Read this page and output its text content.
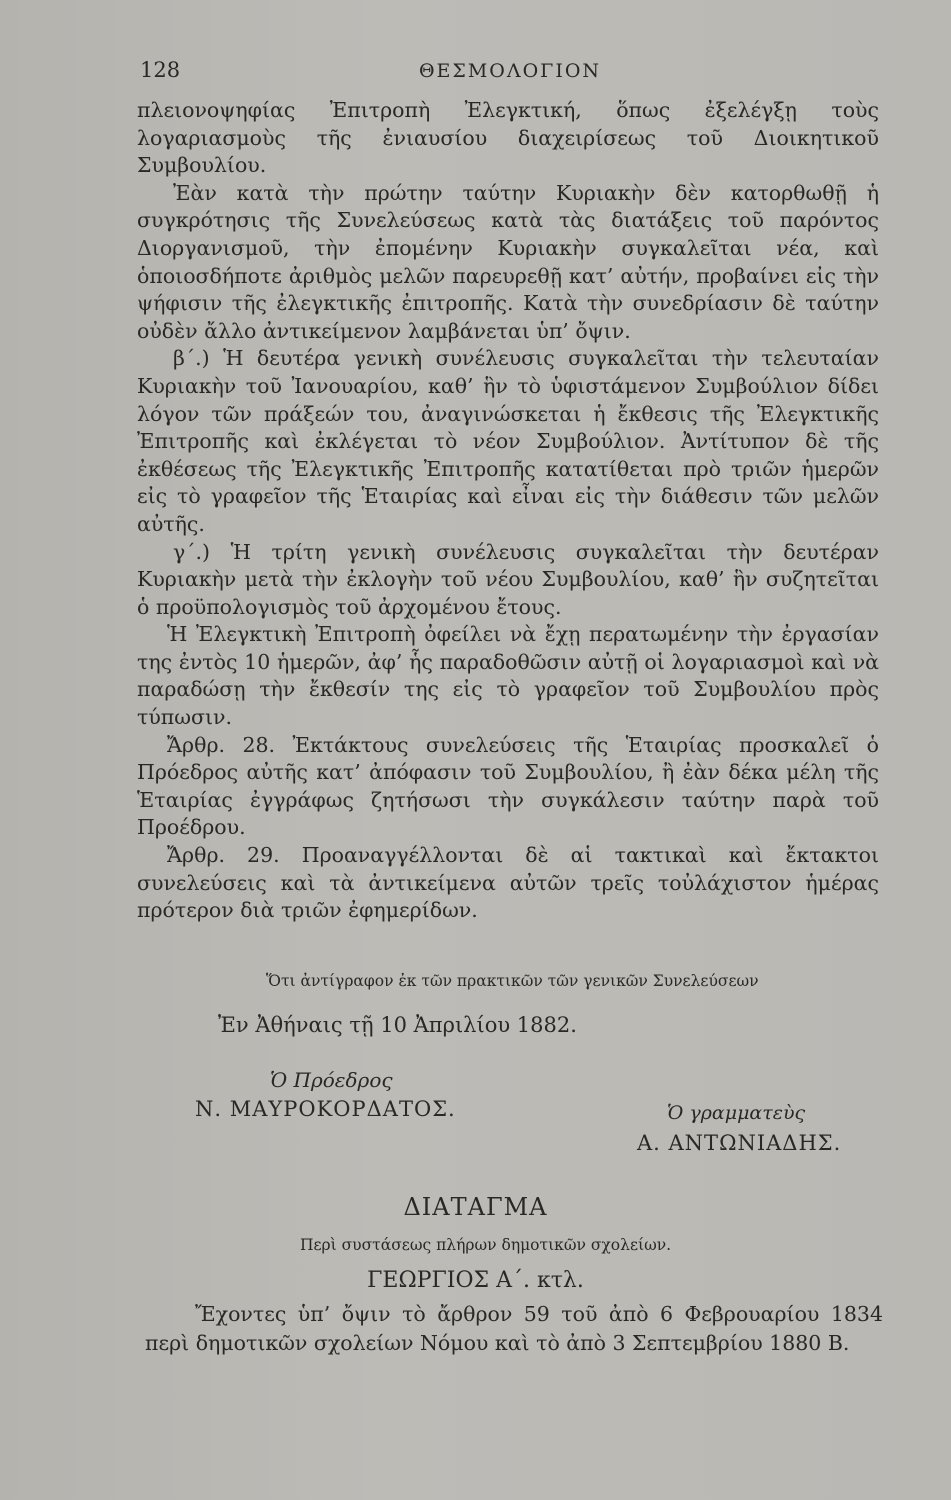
128	ΘΕΣΜΟΛΟΓΙΟΝ

πλειονοψηφίας Ἐπιτροπὴ Ἐλεγκτική, ὅπως ἐξελέγξῃ τοὺς λογαριασμοὺς τῆς ἐνιαυσίου διαχειρίσεως τοῦ Διοικητικοῦ Συμβουλίου.

Ἐὰν κατὰ τὴν πρώτην ταύτην Κυριακὴν δὲν κατορθωθῇ ἡ συγκρότησις τῆς Συνελεύσεως κατὰ τὰς διατάξεις τοῦ παρόντος Διοργανισμοῦ, τὴν ἐπομένην Κυριακὴν συγκαλεῖται νέα, καὶ ὁποιοσδήποτε ἀριθμὸς μελῶν παρευρεθῇ κατ’ αὐτήν, προβαίνει εἰς τὴν ψήφισιν τῆς ἐλεγκτικῆς ἐπιτροπῆς. Κατὰ τὴν συνεδρίασιν δὲ ταύτην οὐδὲν ἄλλο ἀντικείμενον λαμβάνεται ὑπ’ ὄψιν.

β΄.) Ἡ δευτέρα γενικὴ συνέλευσις συγκαλεῖται τὴν τελευταίαν Κυριακὴν τοῦ Ἰανουαρίου, καθ’ ἣν τὸ ὑφιστάμενον Συμβούλιον δίδει λόγον τῶν πράξεών του, ἀναγινώσκεται ἡ ἔκθεσις τῆς Ἐλεγκτικῆς Ἐπιτροπῆς καὶ ἐκλέγεται τὸ νέον Συμβούλιον. Ἀντίτυπον δὲ τῆς ἐκθέσεως τῆς Ἐλεγκτικῆς Ἐπιτροπῆς κατατίθεται πρὸ τριῶν ἡμερῶν εἰς τὸ γραφεῖον τῆς Ἑταιρίας καὶ εἶναι εἰς τὴν διάθεσιν τῶν μελῶν αὐτῆς.

γ΄.) Ἡ τρίτη γενικὴ συνέλευσις συγκαλεῖται τὴν δευτέραν Κυριακὴν μετὰ τὴν ἐκλογὴν τοῦ νέου Συμβουλίου, καθ’ ἣν συζητεῖται ὁ προϋπολογισμὸς τοῦ ἀρχομένου ἔτους.

Ἡ Ἐλεγκτικὴ Ἐπιτροπὴ ὀφείλει νὰ ἔχῃ περατωμένην τὴν ἐργασίαν της ἐντὸς 10 ἡμερῶν, ἀφ’ ἧς παραδοθῶσιν αὐτῇ οἱ λογαριασμοὶ καὶ νὰ παραδώσῃ τὴν ἔκθεσίν της εἰς τὸ γραφεῖον τοῦ Συμβουλίου πρὸς τύπωσιν.

Ἄρθρ. 28. Ἐκτάκτους συνελεύσεις τῆς Ἑταιρίας προσκαλεῖ ὁ Πρόεδρος αὐτῆς κατ’ ἀπόφασιν τοῦ Συμβουλίου, ἢ ἐὰν δέκα μέλη τῆς Ἑταιρίας ἐγγράφως ζητήσωσι τὴν συγκάλεσιν ταύτην παρὰ τοῦ Προέδρου.

Ἄρθρ. 29. Προαναγγέλλονται δὲ αἱ τακτικαὶ καὶ ἔκτακτοι συνελεύσεις καὶ τὰ ἀντικείμενα αὐτῶν τρεῖς τοὐλάχιστον ἡμέρας πρότερον διὰ τριῶν ἐφημερίδων.

Ὅτι ἀντίγραφον ἐκ τῶν πρακτικῶν τῶν γενικῶν Συνελεύσεων
Ἐν Ἀθήναις τῇ 10 Ἀπριλίου 1882.
Ὁ Πρόεδρος
Ν. ΜΑΥΡΟΚΟΡΔΑΤΟΣ.	Ὁ γραμματεὺς
Α. ΑΝΤΩΝΙΑΔΗΣ.
ΔΙΑΤΑΓΜΑ
Περὶ συστάσεως πλήρων δημοτικῶν σχολείων.
ΓΕΩΡΓΙΟΣ Α΄. κτλ.

Ἔχοντες ὑπ’ ὄψιν τὸ ἄρθρον 59 τοῦ ἀπὸ 6 Φεβρουαρίου 1834 περὶ δημοτικῶν σχολείων Νόμου καὶ τὸ ἀπὸ 3 Σεπτεμβρίου 1880 Β.
